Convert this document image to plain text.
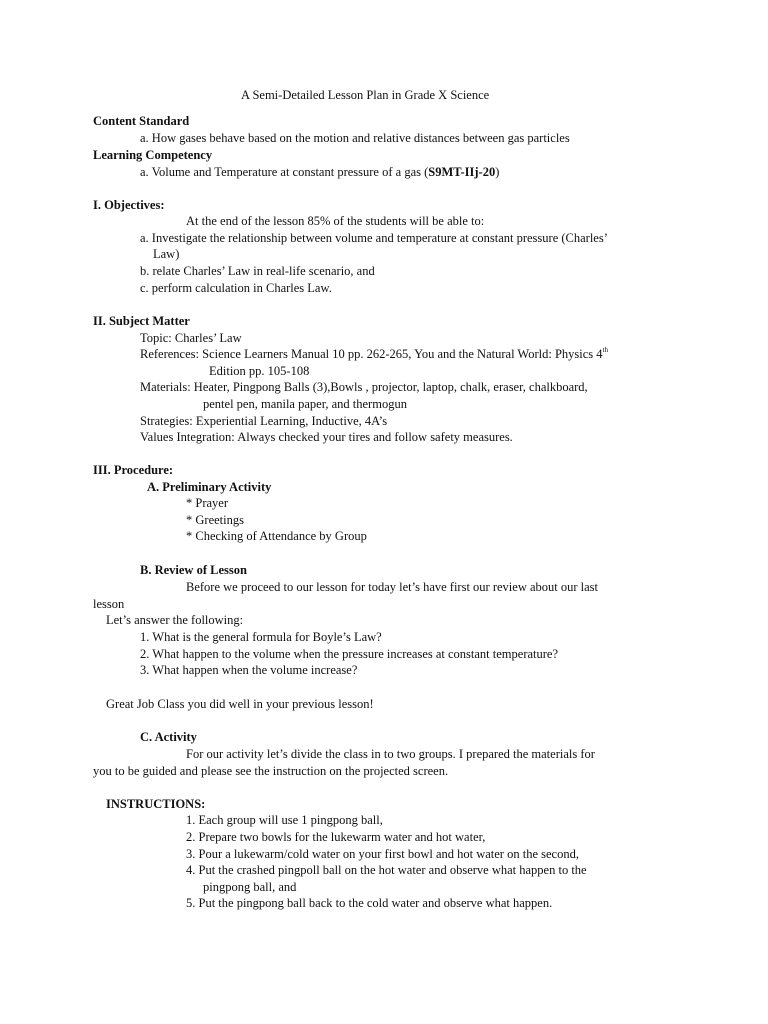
A Semi-Detailed Lesson Plan in Grade X Science
Content Standard
a. How gases behave based on the motion and relative distances between gas particles
Learning Competency
a. Volume and Temperature at constant pressure of a gas (S9MT-IIj-20)
I. Objectives:
At the end of the lesson 85% of the students will be able to:
a. Investigate the relationship between volume and temperature at constant pressure (Charles’
Law)
b. relate Charles’ Law in real-life scenario, and
c. perform calculation in Charles Law.
II. Subject Matter
Topic: Charles’ Law
References: Science Learners Manual 10 pp. 262-265, You and the Natural World: Physics 4th
Edition pp. 105-108
Materials: Heater, Pingpong Balls (3),Bowls , projector, laptop, chalk, eraser, chalkboard,
pentel pen, manila paper, and thermogun
Strategies: Experiential Learning, Inductive, 4A’s
Values Integration: Always checked your tires and follow safety measures.
III. Procedure:
A. Preliminary Activity
* Prayer
* Greetings
* Checking of Attendance by Group
B. Review of Lesson
Before we proceed to our lesson for today let’s have first our review about our last
lesson
Let’s answer the following:
1. What is the general formula for Boyle’s Law?
2. What happen to the volume when the pressure increases at constant temperature?
3. What happen when the volume increase?
Great Job Class you did well in your previous lesson!
C. Activity
For our activity let’s divide the class in to two groups. I prepared the materials for
you to be guided and please see the instruction on the projected screen.
INSTRUCTIONS:
1. Each group will use 1 pingpong ball,
2. Prepare two bowls for the lukewarm water and hot water,
3. Pour a lukewarm/cold water on your first bowl and hot water on the second,
4. Put the crashed pingpoll ball on the hot water and observe what happen to the
pingpong ball, and
5. Put the pingpong ball back to the cold water and observe what happen.
